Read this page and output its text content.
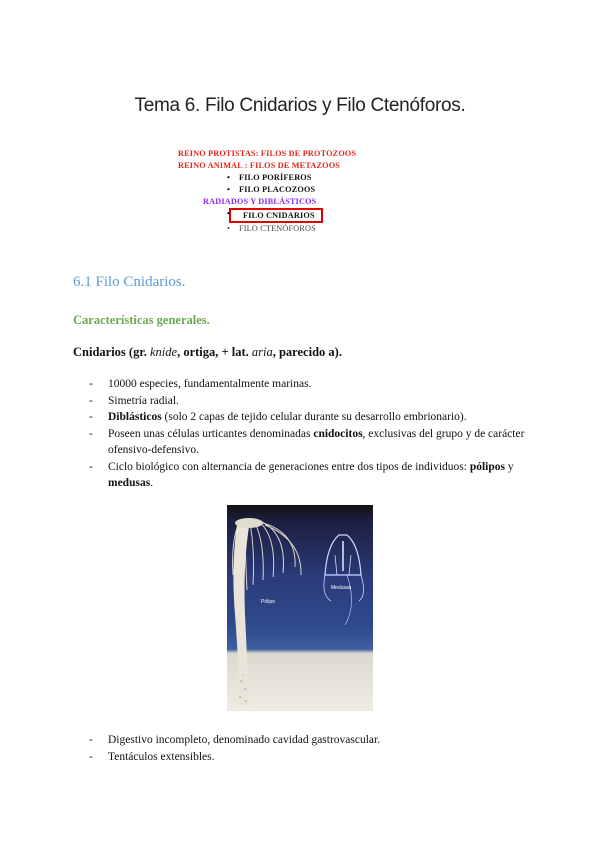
Tema 6. Filo Cnidarios y Filo Ctenóforos.
REINO PROTISTAS: FILOS DE PROTOZOOS
REINO ANIMAL : FILOS DE METAZOOS
• FILO PORÍFEROS
• FILO PLACOZOOS
RADIADOS Y DIBLÁSTICOS
• FILO CNIDARIOS
• FILO CTENÓFOROS
6.1 Filo Cnidarios.
Características generales.
Cnidarios (gr. knide, ortiga, + lat. aria, parecido a).
- 10000 especies, fundamentalmente marinas.
- Simetría radial.
- Diblásticos (solo 2 capas de tejido celular durante su desarrollo embrionario).
- Poseen unas células urticantes denominadas cnidocitos, exclusivas del grupo y de carácter ofensivo-defensivo.
- Ciclo biológico con alternancia de generaciones entre dos tipos de individuos: pólipos y medusas.
Pólipo
Medusas
- Digestivo incompleto, denominado cavidad gastrovascular.
- Tentáculos extensibles.
